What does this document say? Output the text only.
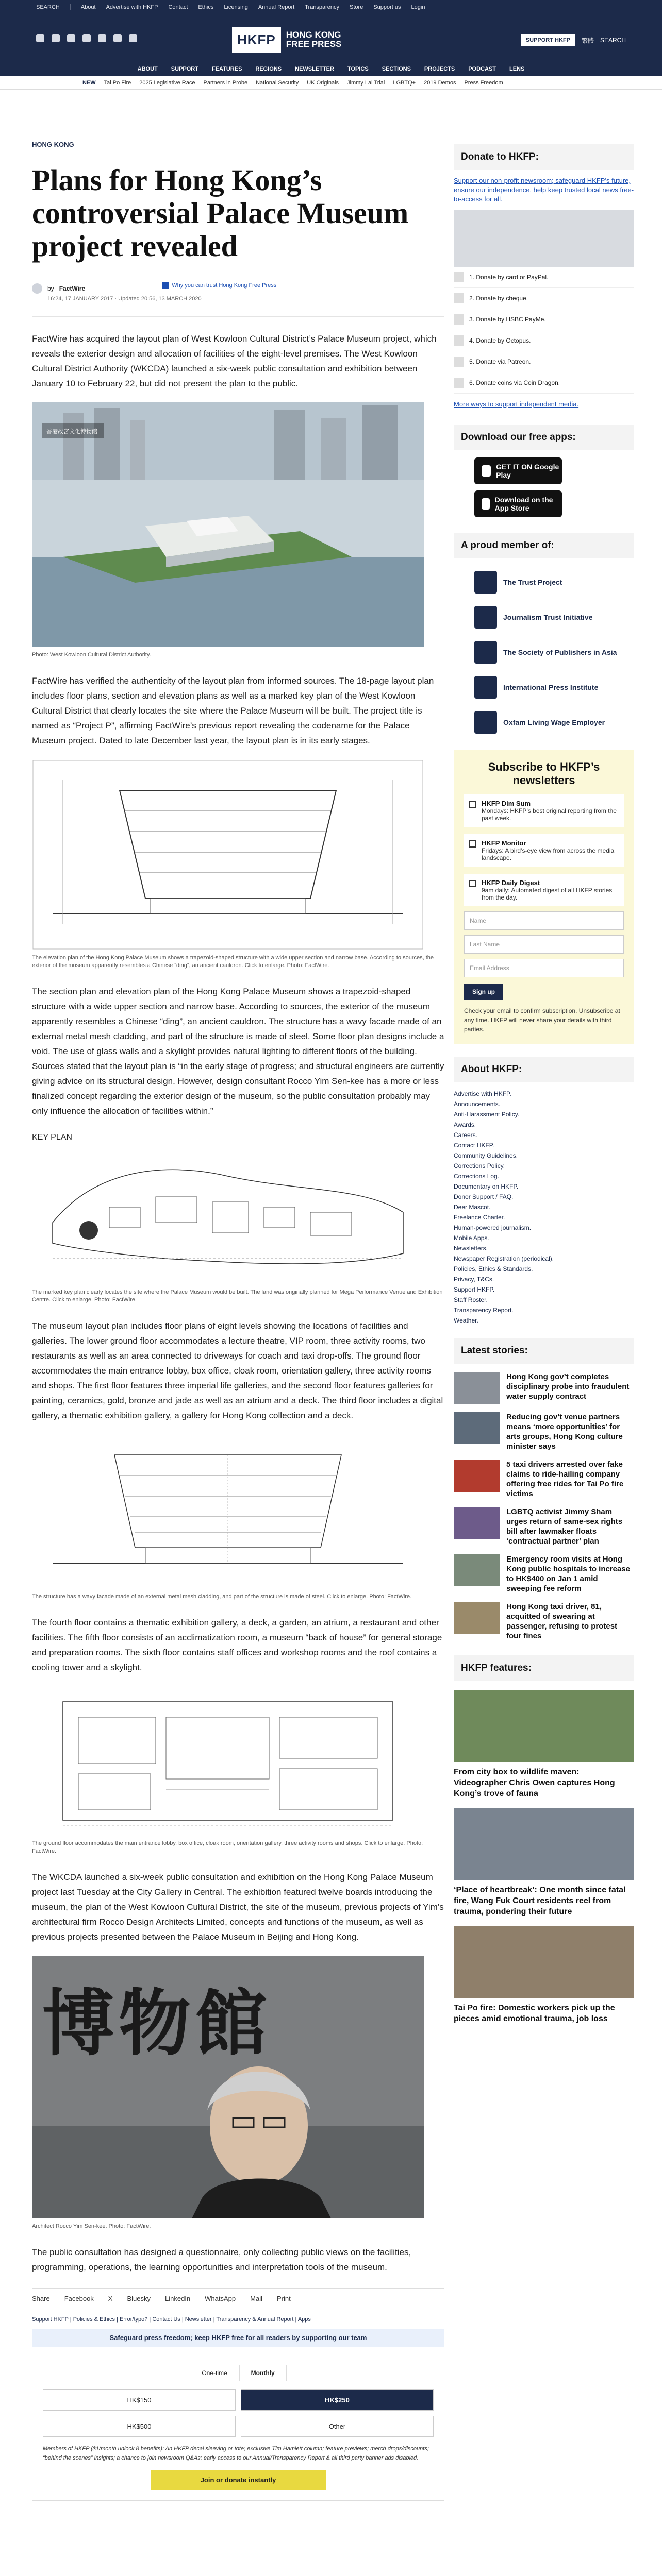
SEARCH	About Advertise with HKFP Contact Ethics Licensing Annual Report Transparency Store Support us Login
HKFP	HONG KONG
FREE PRESS	SUPPORT HKFP	繁體 SEARCH
ABOUT SUPPORT FEATURES REGIONS NEWSLETTER TOPICS SECTIONS PROJECTS PODCAST LENS
NEW Tai Po Fire 2025 Legislative Race Partners in Probe National Security UK Originals Jimmy Lai Trial LGBTQ+ 2019 Demos Press Freedom
HONG KONG
Plans for Hong Kong’s controversial Palace Museum project revealed
by FactWire	Why you can trust Hong Kong Free Press
16:24, 17 JANUARY 2017 · Updated 20:56, 13 MARCH 2020

FactWire has acquired the layout plan of West Kowloon Cultural District’s Palace Museum project, which reveals the exterior design and allocation of facilities of the eight-level premises. The West Kowloon Cultural District Authority (WKCDA) launched a six-week public consultation and exhibition between January 10 to February 22, but did not present the plan to the public.

香港故宮文化博物館
Photo: West Kowloon Cultural District Authority.

FactWire has verified the authenticity of the layout plan from informed sources. The 18-page layout plan includes floor plans, section and elevation plans as well as a marked key plan of the West Kowloon Cultural District that clearly locates the site where the Palace Museum will be built. The project title is named as “Project P”, affirming FactWire’s previous report revealing the codename for the Palace Museum project. Dated to late December last year, the layout plan is in its early stages.

The elevation plan of the Hong Kong Palace Museum shows a trapezoid-shaped structure with a wide upper section and narrow base. According to sources, the exterior of the museum apparently resembles a Chinese “ding”, an ancient cauldron. Click to enlarge. Photo: FactWire.

The section plan and elevation plan of the Hong Kong Palace Museum shows a trapezoid-shaped structure with a wide upper section and narrow base. According to sources, the exterior of the museum apparently resembles a Chinese “ding”, an ancient cauldron. The structure has a wavy facade made of an external metal mesh cladding, and part of the structure is made of steel. Some floor plan designs include a void. The use of glass walls and a skylight provides natural lighting to different floors of the building. Sources stated that the layout plan is “in the early stage of progress; and structural engineers are currently giving advice on its structural design. However, design consultant Rocco Yim Sen-kee has a more or less finalized concept regarding the exterior design of the museum, so the public consultation probably may only influence the allocation of facilities within.”

KEY PLAN
The marked key plan clearly locates the site where the Palace Museum would be built. The land was originally planned for Mega Performance Venue and Exhibition Centre. Click to enlarge. Photo: FactWire.

The museum layout plan includes floor plans of eight levels showing the locations of facilities and galleries. The lower ground floor accommodates a lecture theatre, VIP room, three activity rooms, two restaurants as well as an area connected to driveways for coach and taxi drop-offs. The ground floor accommodates the main entrance lobby, box office, cloak room, orientation gallery, three activity rooms and shops. The first floor features three imperial life galleries, and the second floor features galleries for painting, ceramics, gold, bronze and jade as well as an atrium and a deck. The third floor includes a digital gallery, a thematic exhibition gallery, a gallery for Hong Kong collection and a deck.

The structure has a wavy facade made of an external metal mesh cladding, and part of the structure is made of steel. Click to enlarge. Photo: FactWire.

The fourth floor contains a thematic exhibition gallery, a deck, a garden, an atrium, a restaurant and other facilities. The fifth floor consists of an acclimatization room, a museum “back of house” for general storage and preparation rooms. The sixth floor contains staff offices and workshop rooms and the roof contains a cooling tower and a skylight.

The ground floor accommodates the main entrance lobby, box office, cloak room, orientation gallery, three activity rooms and shops. Click to enlarge. Photo: FactWire.

The WKCDA launched a six-week public consultation and exhibition on the Hong Kong Palace Museum project last Tuesday at the City Gallery in Central. The exhibition featured twelve boards introducing the museum, the plan of the West Kowloon Cultural District, the site of the museum, previous projects of Yim’s architectural firm Rocco Design Architects Limited, concepts and functions of the museum, as well as previous projects presented between the Palace Museum in Beijing and Hong Kong.

博物館
Architect Rocco Yim Sen-kee. Photo: FactWire.

The public consultation has designed a questionnaire, only collecting public views on the facilities, programming, operations, the learning opportunities and interpretation tools of the museum.

Share Facebook X Bluesky LinkedIn WhatsApp Mail Print
Support HKFP | Policies & Ethics | Error/typo? | Contact Us | Newsletter | Transparency & Annual Report | Apps
Safeguard press freedom; keep HKFP free for all readers by supporting our team
One-time	Monthly
HK$150	HK$250
HK$500	Other
Members of HKFP ($1/month unlock 8 benefits): An HKFP decal sleeving or tote; exclusive Tim Hamlett column; feature previews; merch drops/discounts; “behind the scenes” insights; a chance to join newsroom Q&As; early access to our Annual/Transparency Report & all third party banner ads disabled.
Join or donate instantly
Donate to HKFP:
Support our non-profit newsroom; safeguard HKFP’s future, ensure our independence, help keep trusted local news free-to-access for all.
1. Donate by card or PayPal.
2. Donate by cheque.
3. Donate by HSBC PayMe.
4. Donate by Octopus.
5. Donate via Patreon.
6. Donate coins via Coin Dragon.
More ways to support independent media.
Download our free apps:
GET IT ON Google Play
Download on the App Store
A proud member of:
The Trust Project
Journalism Trust Initiative
The Society of Publishers in Asia
International Press Institute
Oxfam Living Wage Employer
Subscribe to HKFP’s newsletters
HKFP Dim Sum
Mondays: HKFP’s best original reporting from the past week.
HKFP Monitor
Fridays: A bird’s-eye view from across the media landscape.
HKFP Daily Digest
9am daily: Automated digest of all HKFP stories from the day.
Name
Last Name
Email Address
Sign up
Check your email to confirm subscription. Unsubscribe at any time. HKFP will never share your details with third parties.
About HKFP:
Advertise with HKFP.
Announcements.
Anti-Harassment Policy.
Awards.
Careers.
Contact HKFP.
Community Guidelines.
Corrections Policy.
Corrections Log.
Documentary on HKFP.
Donor Support / FAQ.
Deer Mascot.
Freelance Charter.
Human-powered journalism.
Mobile Apps.
Newsletters.
Newspaper Registration (periodical).
Policies, Ethics & Standards.
Privacy, T&Cs.
Support HKFP.
Staff Roster.
Transparency Report.
Weather.
Latest stories:
Hong Kong gov’t completes disciplinary probe into fraudulent water supply contract
Reducing gov’t venue partners means ‘more opportunities’ for arts groups, Hong Kong culture minister says
5 taxi drivers arrested over fake claims to ride-hailing company offering free rides for Tai Po fire victims
LGBTQ activist Jimmy Sham urges return of same-sex rights bill after lawmaker floats ‘contractual partner’ plan
Emergency room visits at Hong Kong public hospitals to increase to HK$400 on Jan 1 amid sweeping fee reform
Hong Kong taxi driver, 81, acquitted of swearing at passenger, refusing to protest four fines
HKFP features:
From city box to wildlife maven: Videographer Chris Owen captures Hong Kong’s trove of fauna
‘Place of heartbreak’: One month since fatal fire, Wang Fuk Court residents reel from trauma, pondering their future
Tai Po fire: Domestic workers pick up the pieces amid emotional trauma, job loss
